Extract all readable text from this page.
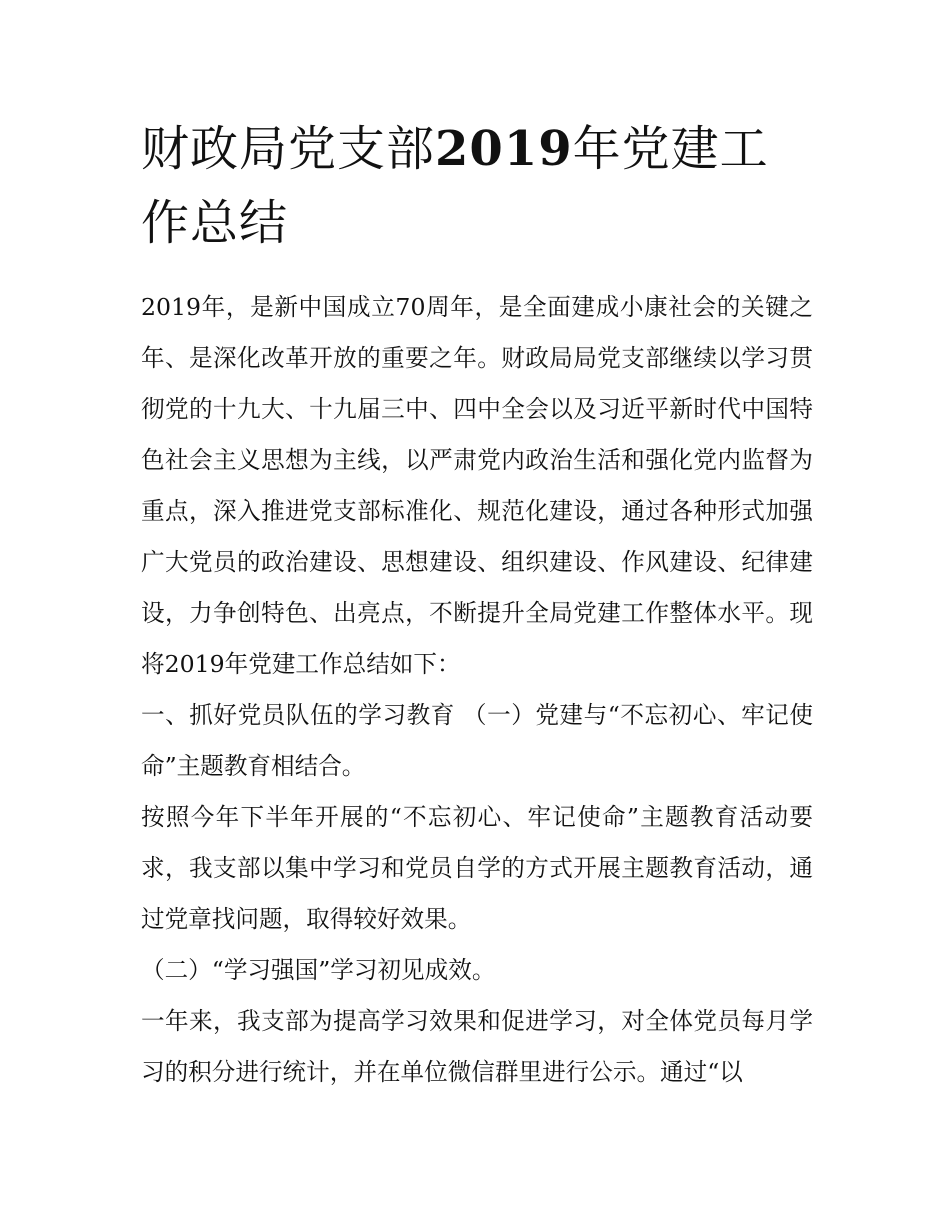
财政局党支部2019年党建工作总结

2019年，是新中国成立70周年，是全面建成小康社会的关键之年、是深化改革开放的重要之年。财政局局党支部继续以学习贯彻党的十九大、十九届三中、四中全会以及习近平新时代中国特色社会主义思想为主线，以严肃党内政治生活和强化党内监督为重点，深入推进党支部标准化、规范化建设，通过各种形式加强广大党员的政治建设、思想建设、组织建设、作风建设、纪律建设，力争创特色、出亮点，不断提升全局党建工作整体水平。现将2019年党建工作总结如下：

一、抓好党员队伍的学习教育 （一）党建与“不忘初心、牢记使命”主题教育相结合。

按照今年下半年开展的“不忘初心、牢记使命”主题教育活动要求，我支部以集中学习和党员自学的方式开展主题教育活动，通过党章找问题，取得较好效果。

（二）“学习强国”学习初见成效。

一年来，我支部为提高学习效果和促进学习，对全体党员每月学习的积分进行统计，并在单位微信群里进行公示。通过“以
